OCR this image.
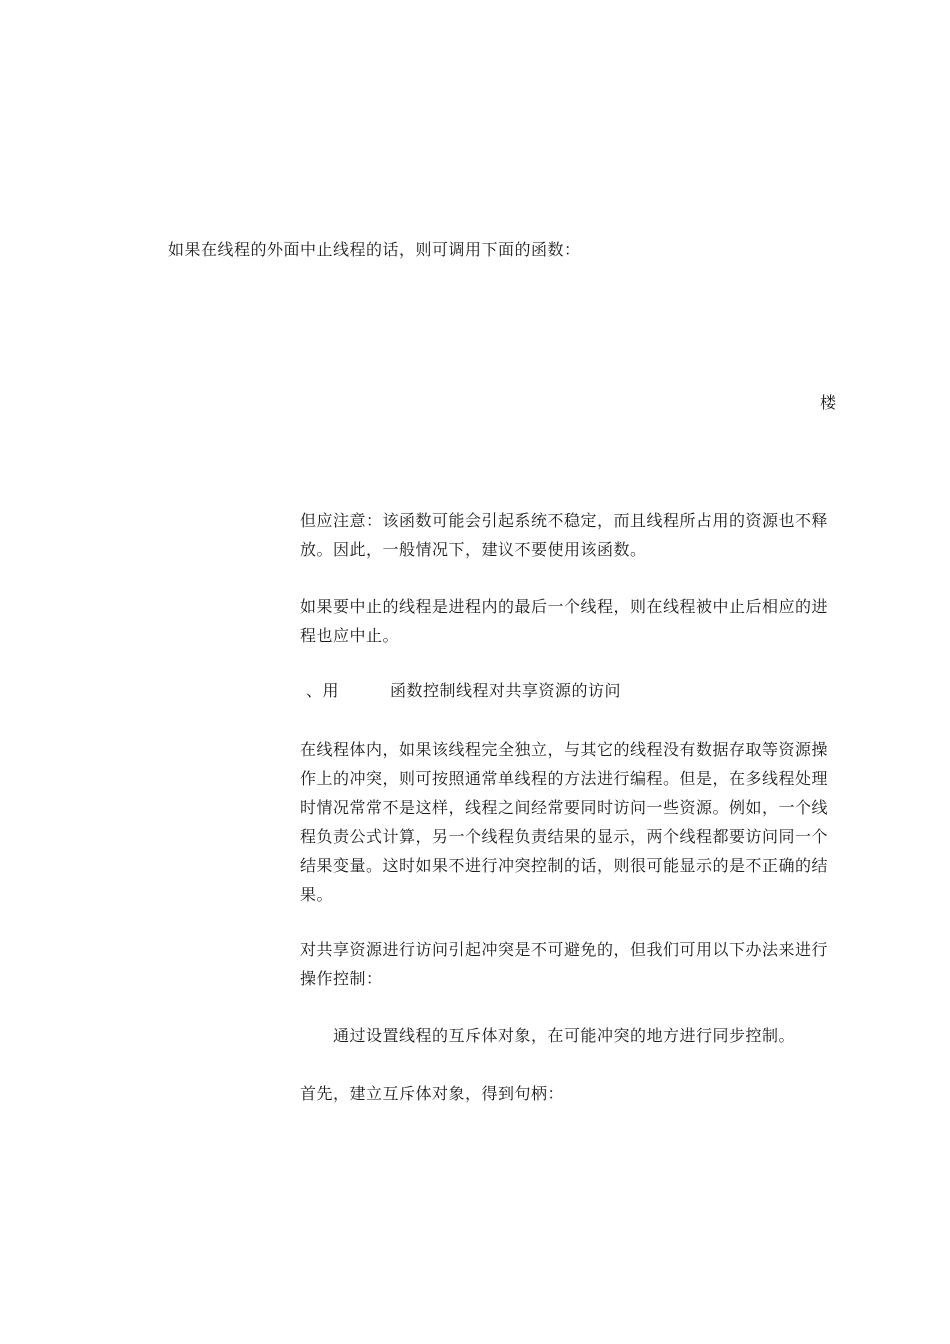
如果在线程的外面中止线程的话，则可调用下面的函数：
楼
但应注意：该函数可能会引起系统不稳定，而且线程所占用的资源也不释
放。因此，一般情况下，建议不要使用该函数。
如果要中止的线程是进程内的最后一个线程，则在线程被中止后相应的进
程也应中止。
、用	函数控制线程对共享资源的访问
在线程体内，如果该线程完全独立，与其它的线程没有数据存取等资源操
作上的冲突，则可按照通常单线程的方法进行编程。但是，在多线程处理
时情况常常不是这样，线程之间经常要同时访问一些资源。例如，一个线
程负责公式计算，另一个线程负责结果的显示，两个线程都要访问同一个
结果变量。这时如果不进行冲突控制的话，则很可能显示的是不正确的结
果。
对共享资源进行访问引起冲突是不可避免的，但我们可用以下办法来进行
操作控制：
通过设置线程的互斥体对象，在可能冲突的地方进行同步控制。
首先，建立互斥体对象，得到句柄：
